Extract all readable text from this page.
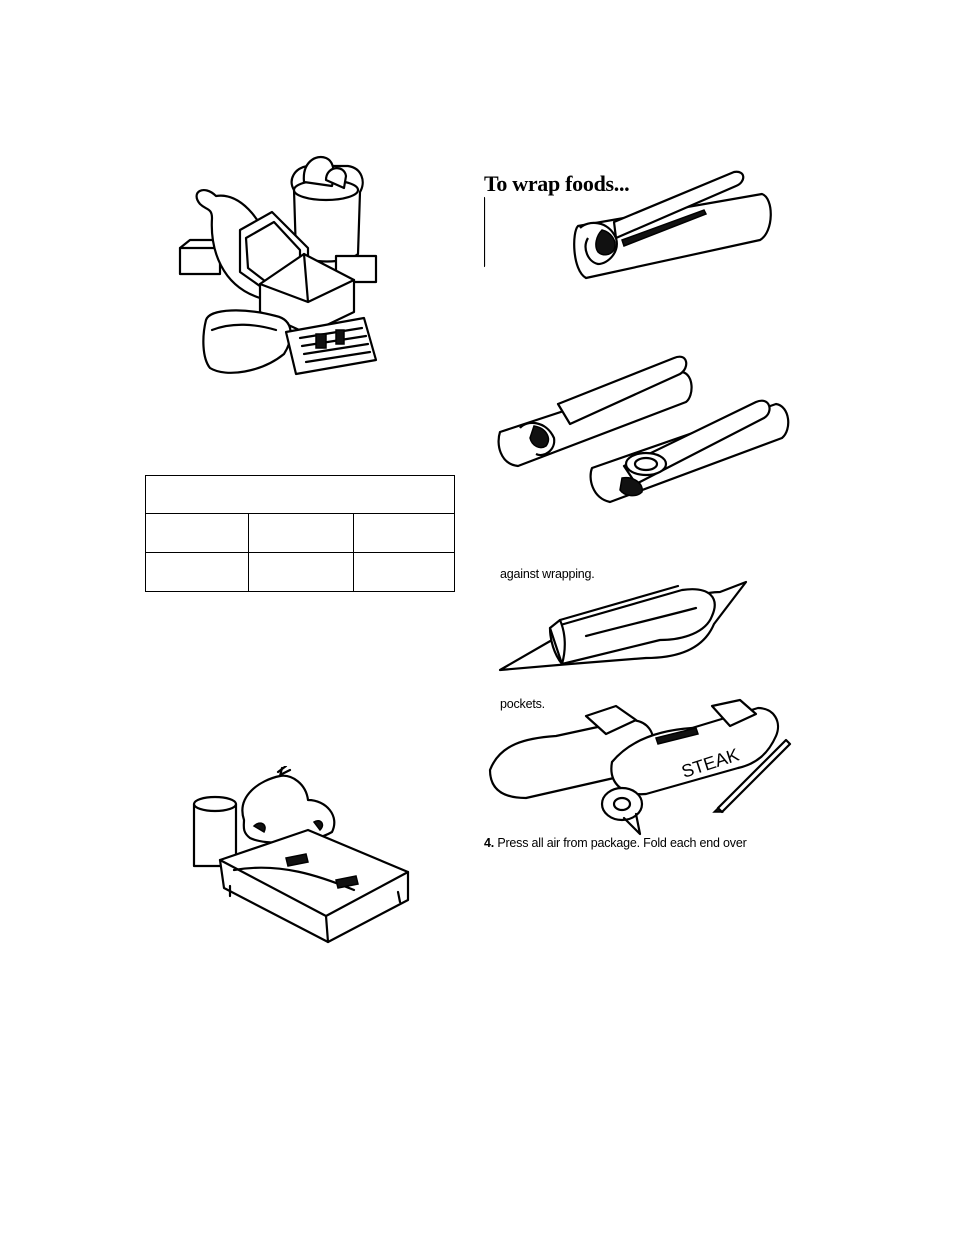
To wrap foods...

against wrapping.
pockets.
STEAK
4. Press all air from package. Fold each end over
